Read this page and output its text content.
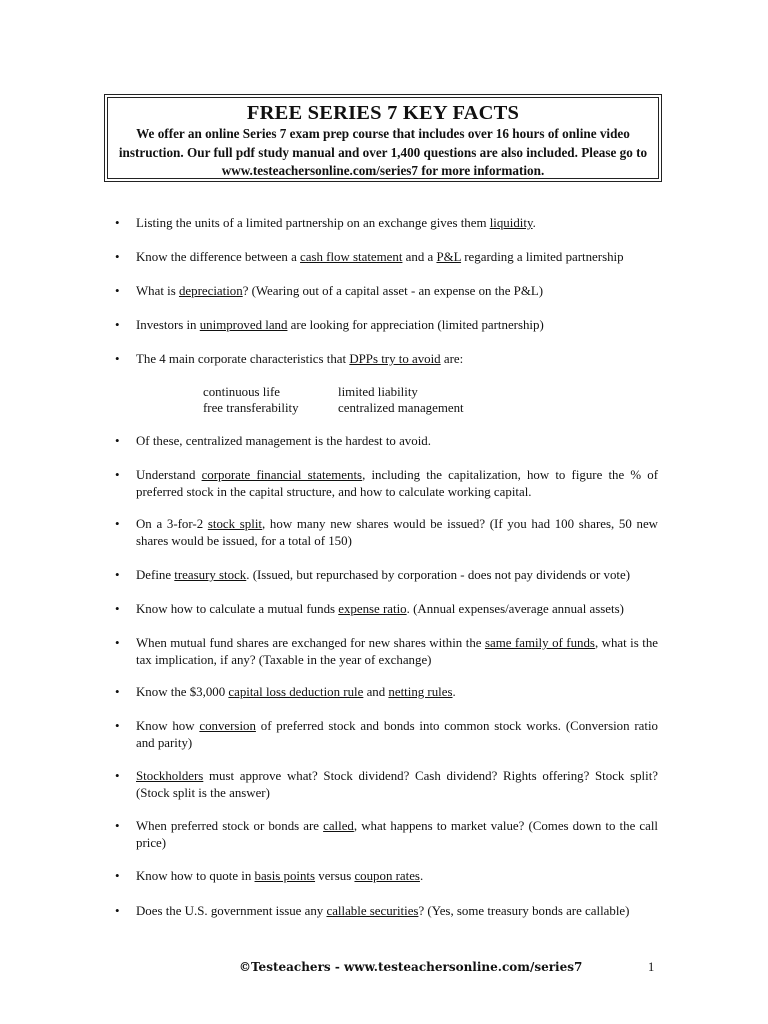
FREE SERIES 7 KEY FACTS
We offer an online Series 7 exam prep course that includes over 16 hours of online video instruction. Our full pdf study manual and over 1,400 questions are also included. Please go to www.testeachersonline.com/series7 for more information.
• Listing the units of a limited partnership on an exchange gives them liquidity.
• Know the difference between a cash flow statement and a P&L regarding a limited partnership
• What is depreciation? (Wearing out of a capital asset - an expense on the P&L)
• Investors in unimproved land are looking for appreciation (limited partnership)
• The 4 main corporate characteristics that DPPs try to avoid are:
• Of these, centralized management is the hardest to avoid.
• Understand corporate financial statements, including the capitalization, how to figure the % of preferred stock in the capital structure, and how to calculate working capital.
• On a 3-for-2 stock split, how many new shares would be issued? (If you had 100 shares, 50 new shares would be issued, for a total of 150)
• Define treasury stock. (Issued, but repurchased by corporation - does not pay dividends or vote)
• Know how to calculate a mutual funds expense ratio. (Annual expenses/average annual assets)
• When mutual fund shares are exchanged for new shares within the same family of funds, what is the tax implication, if any? (Taxable in the year of exchange)
• Know the $3,000 capital loss deduction rule and netting rules.
• Know how conversion of preferred stock and bonds into common stock works. (Conversion ratio and parity)
• Stockholders must approve what? Stock dividend? Cash dividend? Rights offering? Stock split? (Stock split is the answer)
• When preferred stock or bonds are called, what happens to market value? (Comes down to the call price)
• Know how to quote in basis points versus coupon rates.
• Does the U.S. government issue any callable securities? (Yes, some treasury bonds are callable)
continuous life	limited liability
free transferability	centralized management
©Testeachers - www.testeachersonline.com/series7	1
